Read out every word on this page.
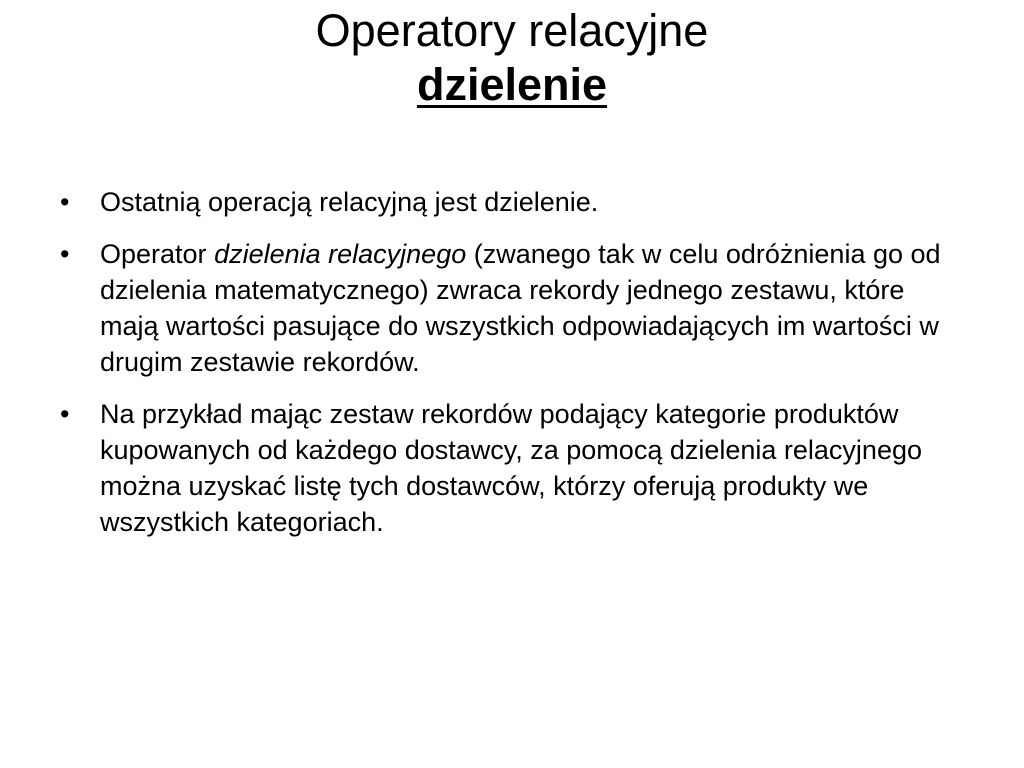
Operatory relacyjne
dzielenie
•	Ostatnią operacją relacyjną jest dzielenie.
•	Operator dzielenia relacyjnego (zwanego tak w celu odróżnienia go od dzielenia matematycznego) zwraca rekordy jednego zestawu, które mają wartości pasujące do wszystkich odpowiadających im wartości w drugim zestawie rekordów.
•	Na przykład mając zestaw rekordów podający kategorie produktów kupowanych od każdego dostawcy, za pomocą dzielenia relacyjnego można uzyskać listę tych dostawców, którzy oferują produkty we wszystkich kategoriach.
